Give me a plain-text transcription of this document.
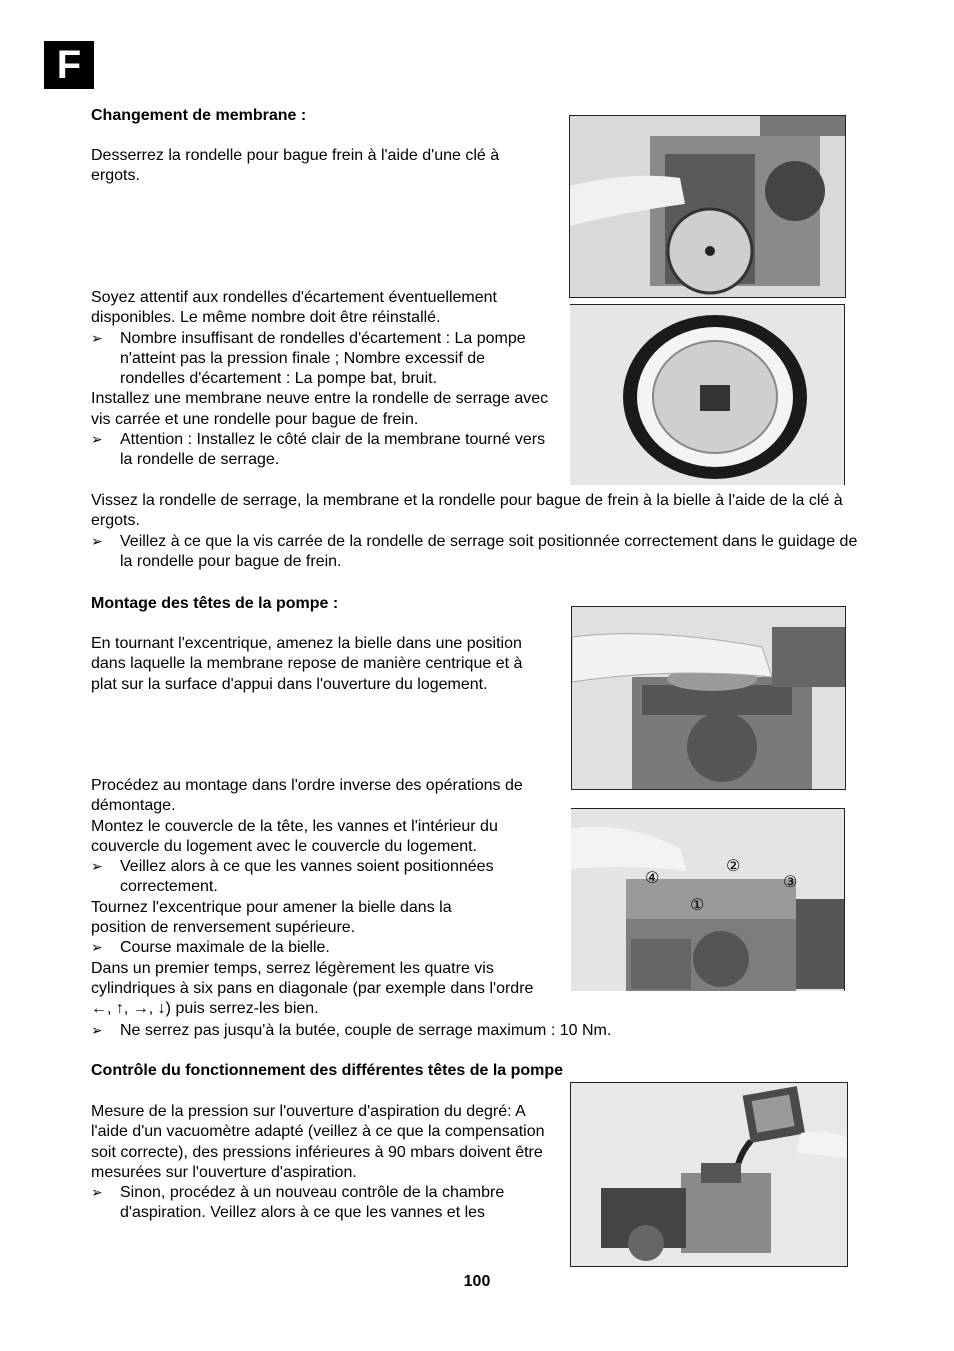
F

Changement de membrane :

Desserrez la rondelle pour bague frein à l'aide d'une clé à ergots.

Soyez attentif aux rondelles d'écartement éventuellement disponibles. Le même nombre doit être réinstallé.

➢ Nombre insuffisant de rondelles d'écartement : La pompe n'atteint pas la pression finale ; Nombre excessif de rondelles d'écartement : La pompe bat, bruit.

Installez une membrane neuve entre la rondelle de serrage avec vis carrée et une rondelle pour bague de frein.

➢ Attention : Installez le côté clair de la membrane tourné vers la rondelle de serrage.

Vissez la rondelle de serrage, la membrane et la rondelle pour bague de frein à la bielle à l'aide de la clé à ergots.

➢ Veillez à ce que la vis carrée de la rondelle de serrage soit positionnée correctement dans le guidage de la rondelle pour bague de frein.

Montage des têtes de la pompe :

En tournant l'excentrique, amenez la bielle dans une position dans laquelle la membrane repose de manière centrique et à plat sur la surface d'appui dans l'ouverture du logement.

Procédez au montage dans l'ordre inverse des opérations de démontage.

Montez le couvercle de la tête, les vannes et l'intérieur du couvercle du logement avec le couvercle du logement.

➢ Veillez alors à ce que les vannes soient positionnées correctement.

Tournez l'excentrique pour amener la bielle dans la position de renversement supérieure.

➢ Course maximale de la bielle.

Dans un premier temps, serrez légèrement les quatre vis cylindriques à six pans en diagonale (par exemple dans l'ordre ←, ↑, →, ↓) puis serrez-les bien.

➢ Ne serrez pas jusqu'à la butée, couple de serrage maximum : 10 Nm.
①
②
③
④

Contrôle du fonctionnement des différentes têtes de la pompe

Mesure de la pression sur l'ouverture d'aspiration du degré: A l'aide d'un vacuomètre adapté (veillez à ce que la compensation soit correcte), des pressions inférieures à 90 mbars doivent être mesurées sur l'ouverture d'aspiration.

➢ Sinon, procédez à un nouveau contrôle de la chambre d'aspiration. Veillez alors à ce que les vannes et les
100
